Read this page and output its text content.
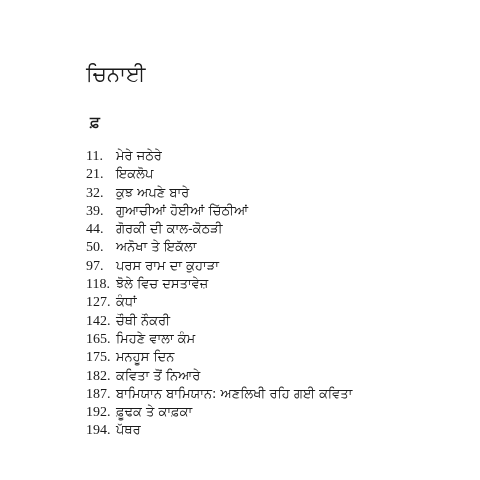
ਚਿਨਾਈ
ਫ਼
11.	ਮੇਰੇ ਜਠੇਰੇ
21. ਇਕਲੋਪ
32. ਕੁਝ ਅਪਣੇ ਬਾਰੇ
39. ਗੁਆਚੀਆਂ ਹੋਈਆਂ ਚਿੱਠੀਆਂ
44. ਗੋਰਕੀ ਦੀ ਕਾਲ-ਕੋਠੜੀ
50. ਅਨੋਖਾ ਤੇ ਇਕੱਲਾ
97. ਪਰਸ ਰਾਮ ਦਾ ਕੁਹਾੜਾ
118. ਝੋਲੇ ਵਿਚ ਦਸਤਾਵੇਜ਼
127. ਕੰਧਾਂ
142. ਚੌਥੀ ਨੌਕਰੀ
165. ਮਿਹਣੇ ਵਾਲਾ ਕੰਮ
175. ਮਨਹੂਸ ਦਿਨ
182. ਕਵਿਤਾ ਤੋਂ ਨਿਆਰੇ
187. ਬਾਮਿਯਾਨ ਬਾਮਿਯਾਨ: ਅਣਲਿਖੀ ਰਹਿ ਗਈ ਕਵਿਤਾ
192. ਫ਼ੂਢਕ ਤੇ ਕਾਫ਼ਕਾ
194. ਪੱਥਰ
